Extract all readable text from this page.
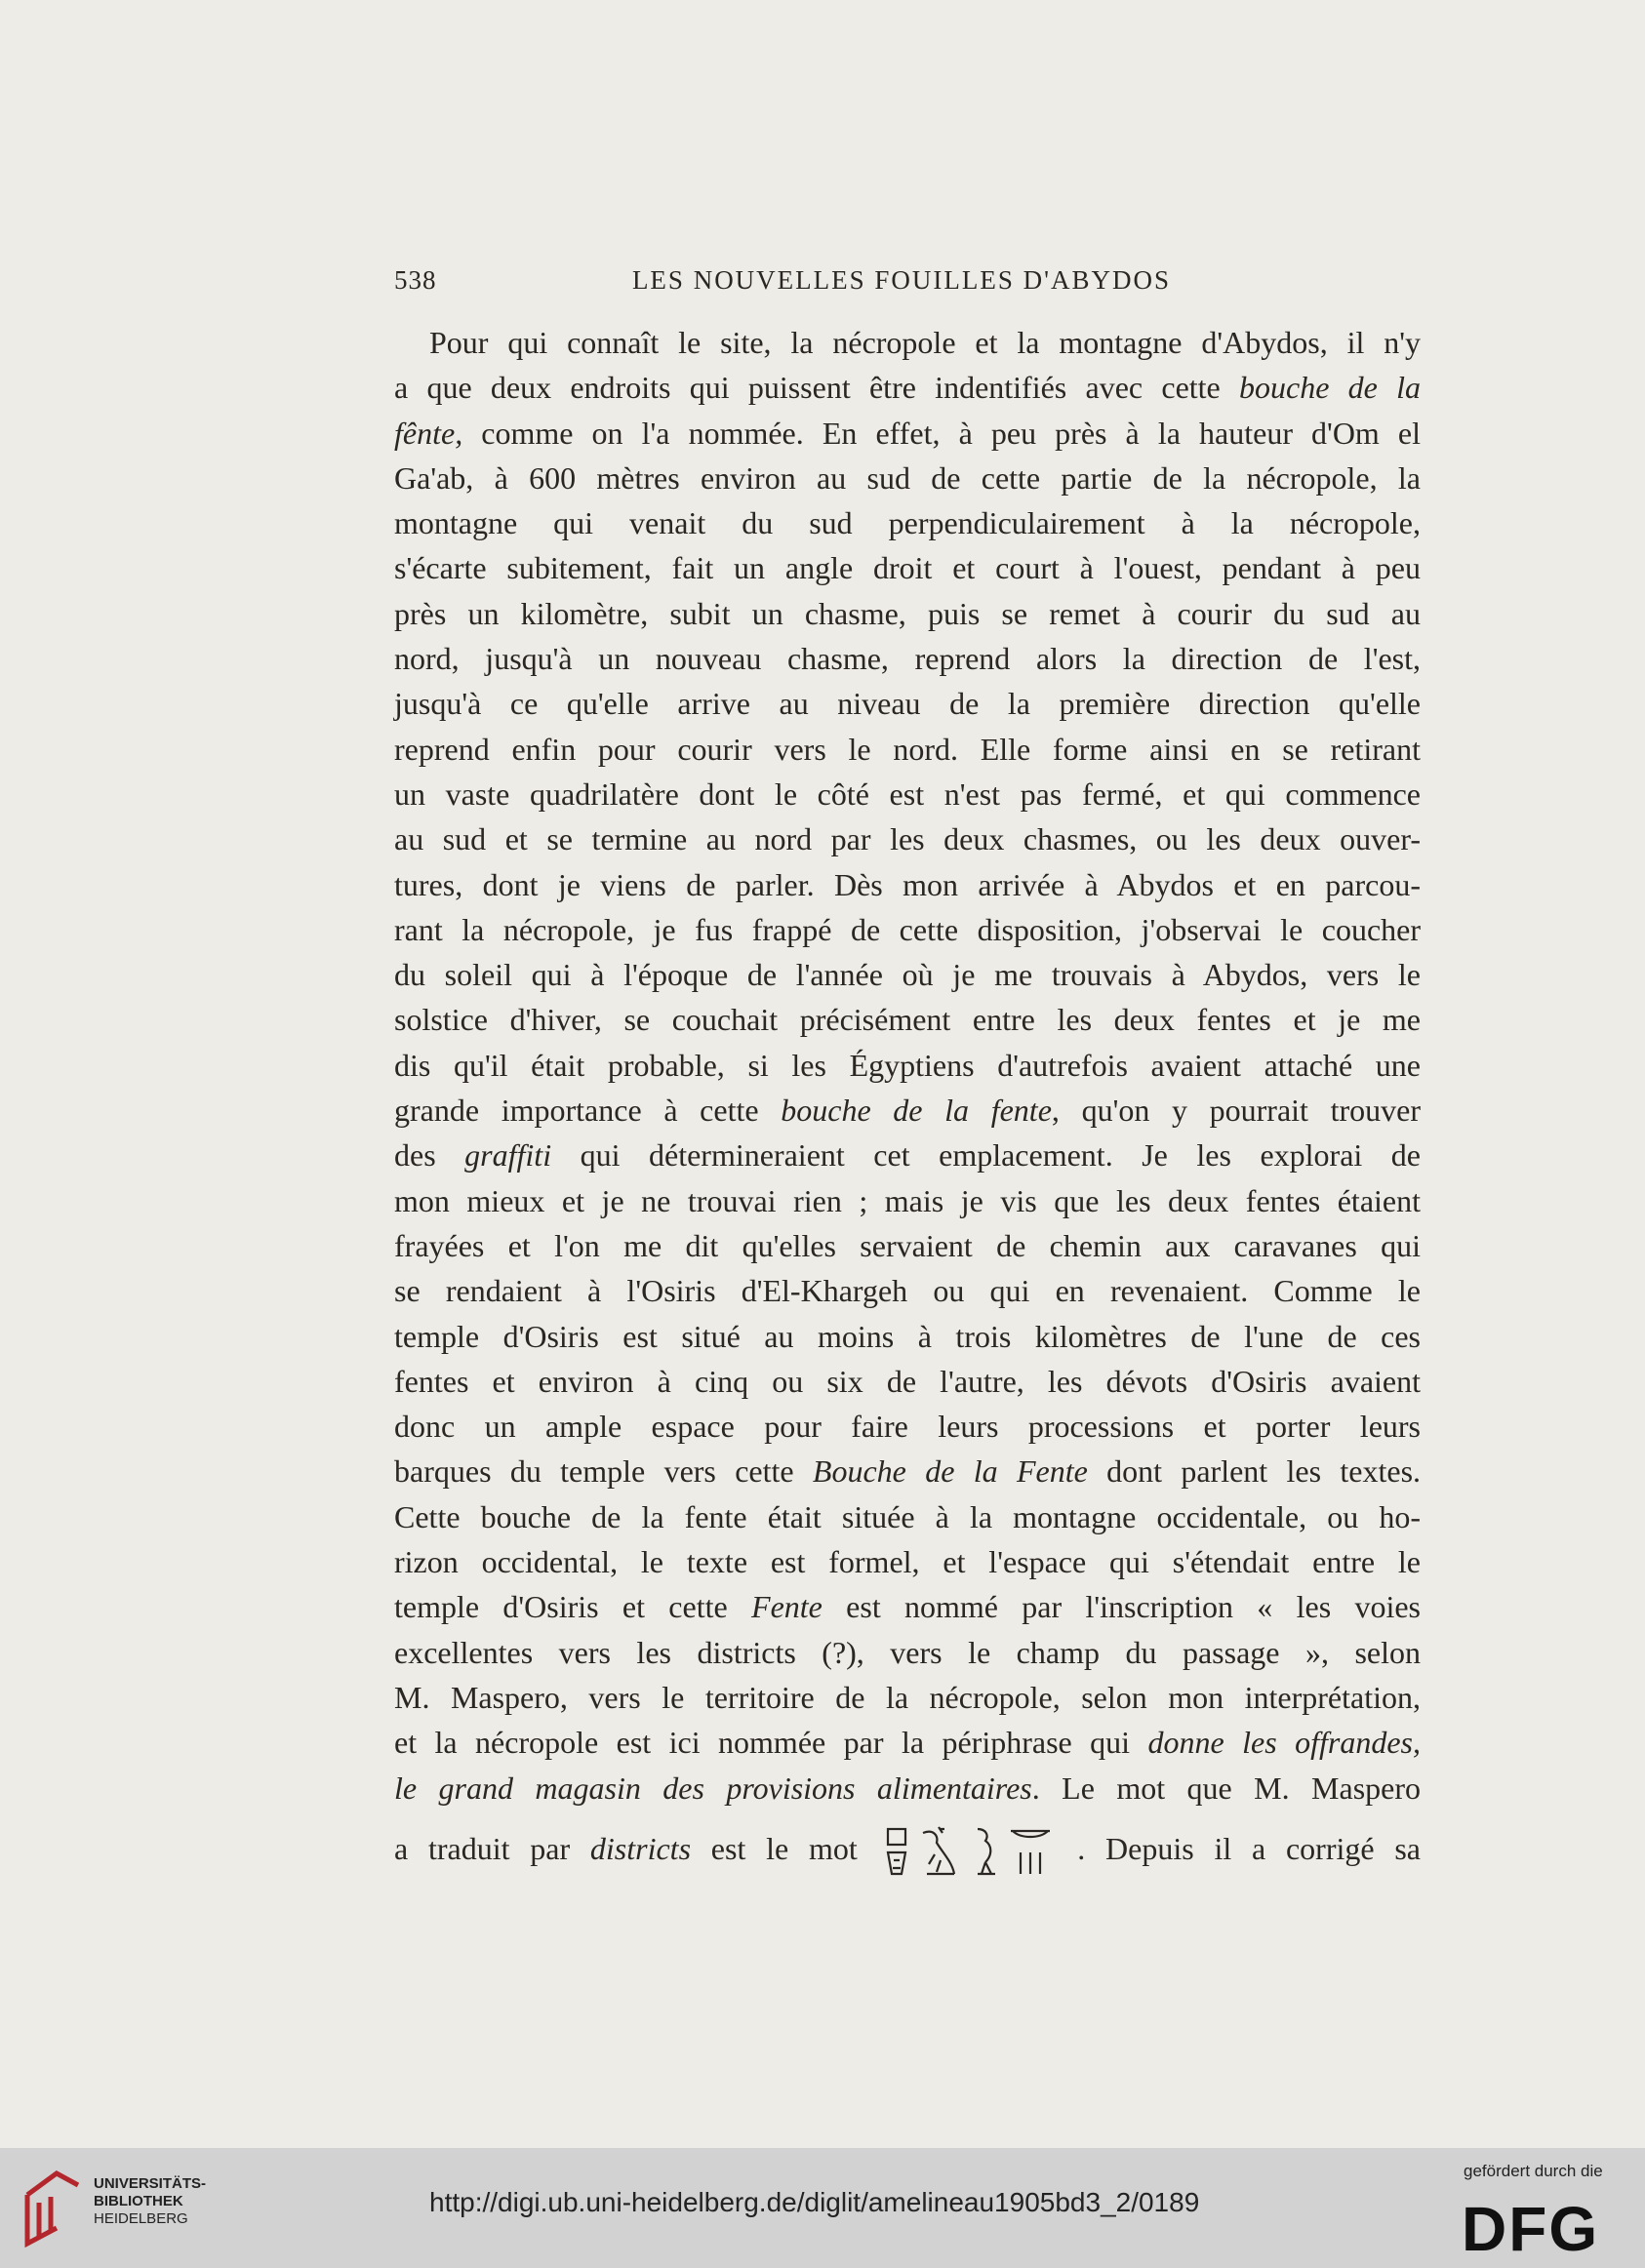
538	LES NOUVELLES FOUILLES D'ABYDOS
Pour qui connaît le site, la nécropole et la montagne d'Abydos, il n'y
a que deux endroits qui puissent être indentifiés avec cette bouche de la
fênte, comme on l'a nommée. En effet, à peu près à la hauteur d'Om el
Ga'ab, à 600 mètres environ au sud de cette partie de la nécropole, la
montagne qui venait du sud perpendiculairement à la nécropole,
s'écarte subitement, fait un angle droit et court à l'ouest, pendant à peu
près un kilomètre, subit un chasme, puis se remet à courir du sud au
nord, jusqu'à un nouveau chasme, reprend alors la direction de l'est,
jusqu'à ce qu'elle arrive au niveau de la première direction qu'elle
reprend enfin pour courir vers le nord. Elle forme ainsi en se retirant
un vaste quadrilatère dont le côté est n'est pas fermé, et qui commence
au sud et se termine au nord par les deux chasmes, ou les deux ouver-
tures, dont je viens de parler. Dès mon arrivée à Abydos et en parcou-
rant la nécropole, je fus frappé de cette disposition, j'observai le coucher
du soleil qui à l'époque de l'année où je me trouvais à Abydos, vers le
solstice d'hiver, se couchait précisément entre les deux fentes et je me
dis qu'il était probable, si les Égyptiens d'autrefois avaient attaché une
grande importance à cette bouche de la fente, qu'on y pourrait trouver
des graffiti qui détermineraient cet emplacement. Je les explorai de
mon mieux et je ne trouvai rien ; mais je vis que les deux fentes étaient
frayées et l'on me dit qu'elles servaient de chemin aux caravanes qui
se rendaient à l'Osiris d'El-Khargeh ou qui en revenaient. Comme le
temple d'Osiris est situé au moins à trois kilomètres de l'une de ces
fentes et environ à cinq ou six de l'autre, les dévots d'Osiris avaient
donc un ample espace pour faire leurs processions et porter leurs
barques du temple vers cette Bouche de la Fente dont parlent les textes.
Cette bouche de la fente était située à la montagne occidentale, ou ho-
rizon occidental, le texte est formel, et l'espace qui s'étendait entre le
temple d'Osiris et cette Fente est nommé par l'inscription « les voies
excellentes vers les districts (?), vers le champ du passage », selon
M. Maspero, vers le territoire de la nécropole, selon mon interprétation,
et la nécropole est ici nommée par la périphrase qui donne les offrandes,
le grand magasin des provisions alimentaires. Le mot que M. Maspero
a traduit par districts est le mot	. Depuis il a corrigé sa
UNIVERSITÄTS-
BIBLIOTHEK
HEIDELBERG
http://digi.ub.uni-heidelberg.de/diglit/amelineau1905bd3_2/0189
gefördert durch die
DFG
